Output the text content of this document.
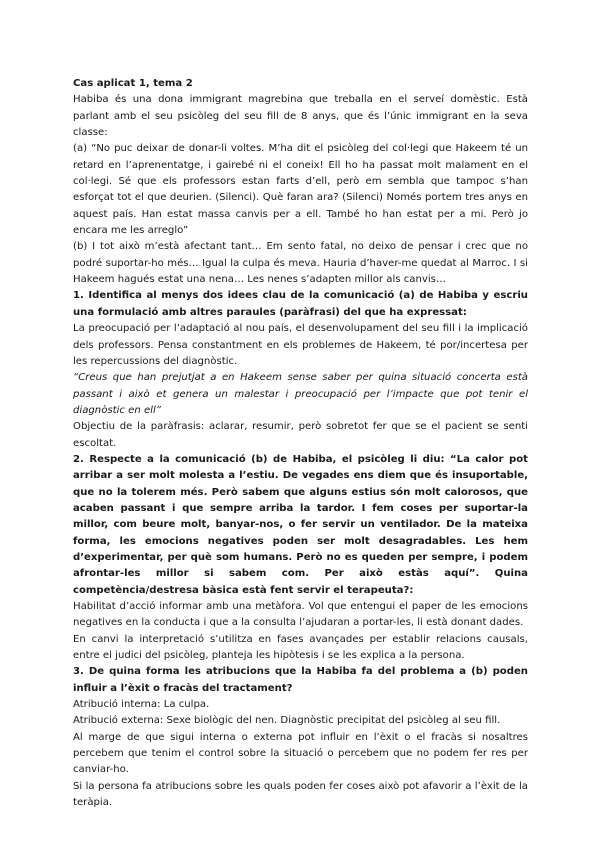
Cas aplicat 1, tema 2

Habiba és una dona immigrant magrebina que treballa en el serveí domèstic. Està parlant amb el seu psicòleg del seu fill de 8 anys, que és l’únic immigrant en la seva classe:

(a) “No puc deixar de donar-li voltes. M’ha dit el psicòleg del col·legi que Hakeem té un retard en l’aprenentatge, i gairebé ni el coneix! Ell ho ha passat molt malament en el col·legi. Sé que els professors estan farts d’ell, però em sembla que tampoc s’han esforçat tot el que deurien. (Silenci). Què faran ara? (Silenci) Només portem tres anys en aquest país. Han estat massa canvis per a ell. També ho han estat per a mi. Però jo encara me les arreglo”

(b) I tot això m’està afectant tant… Em sento fatal, no deixo de pensar i crec que no podré suportar-ho més… Igual la culpa és meva. Hauria d’haver-me quedat al Marroc. I si Hakeem hagués estat una nena… Les nenes s’adapten millor als canvis…

1. Identifica al menys dos idees clau de la comunicació (a) de Habiba y escriu una formulació amb altres paraules (paràfrasi) del que ha expressat:

La preocupació per l’adaptació al nou país, el desenvolupament del seu fill i la implicació dels professors. Pensa constantment en els problemes de Hakeem, té por/incertesa per les repercussions del diagnòstic.

“Creus que han prejutjat a en Hakeem sense saber per quina situació concerta està passant i això et genera un malestar i preocupació per l’impacte que pot tenir el diagnòstic en ell”

Objectiu de la paràfrasis: aclarar, resumir, però sobretot fer que se el pacient se senti escoltat.

2. Respecte a la comunicació (b) de Habiba, el psicòleg li diu: “La calor pot arribar a ser molt molesta a l’estiu. De vegades ens diem que és insuportable, que no la tolerem més. Però sabem que alguns estius són molt calorosos, que acaben passant i que sempre arriba la tardor. I fem coses per suportar-la millor, com beure molt, banyar-nos, o fer servir un ventilador. De la mateixa forma, les emocions negatives poden ser molt desagradables. Les hem d’experimentar, per què som humans. Però no es queden per sempre, i podem afrontar-les millor si sabem com. Per això estàs aquí”. Quina competència/destresa bàsica està fent servir el terapeuta?:

Habilitat d’acció informar amb una metàfora. Vol que entengui el paper de les emocions negatives en la conducta i que a la consulta l’ajudaran a portar-les, li està donant dades.

En canvi la interpretació s’utilitza en fases avançades per establir relacions causals, entre el judici del psicòleg, planteja les hipòtesis i se les explica a la persona.

3. De quina forma les atribucions que la Habiba fa del problema a (b) poden influir a l’èxit o fracàs del tractament?

Atribució interna: La culpa.

Atribució externa: Sexe biològic del nen. Diagnòstic precipitat del psicòleg al seu fill.

Al marge de que sigui interna o externa pot influir en l’èxit o el fracàs si nosaltres percebem que tenim el control sobre la situació o percebem que no podem fer res per canviar-ho.

Si la persona fa atribucions sobre les quals poden fer coses això pot afavorir a l’èxit de la teràpia.
